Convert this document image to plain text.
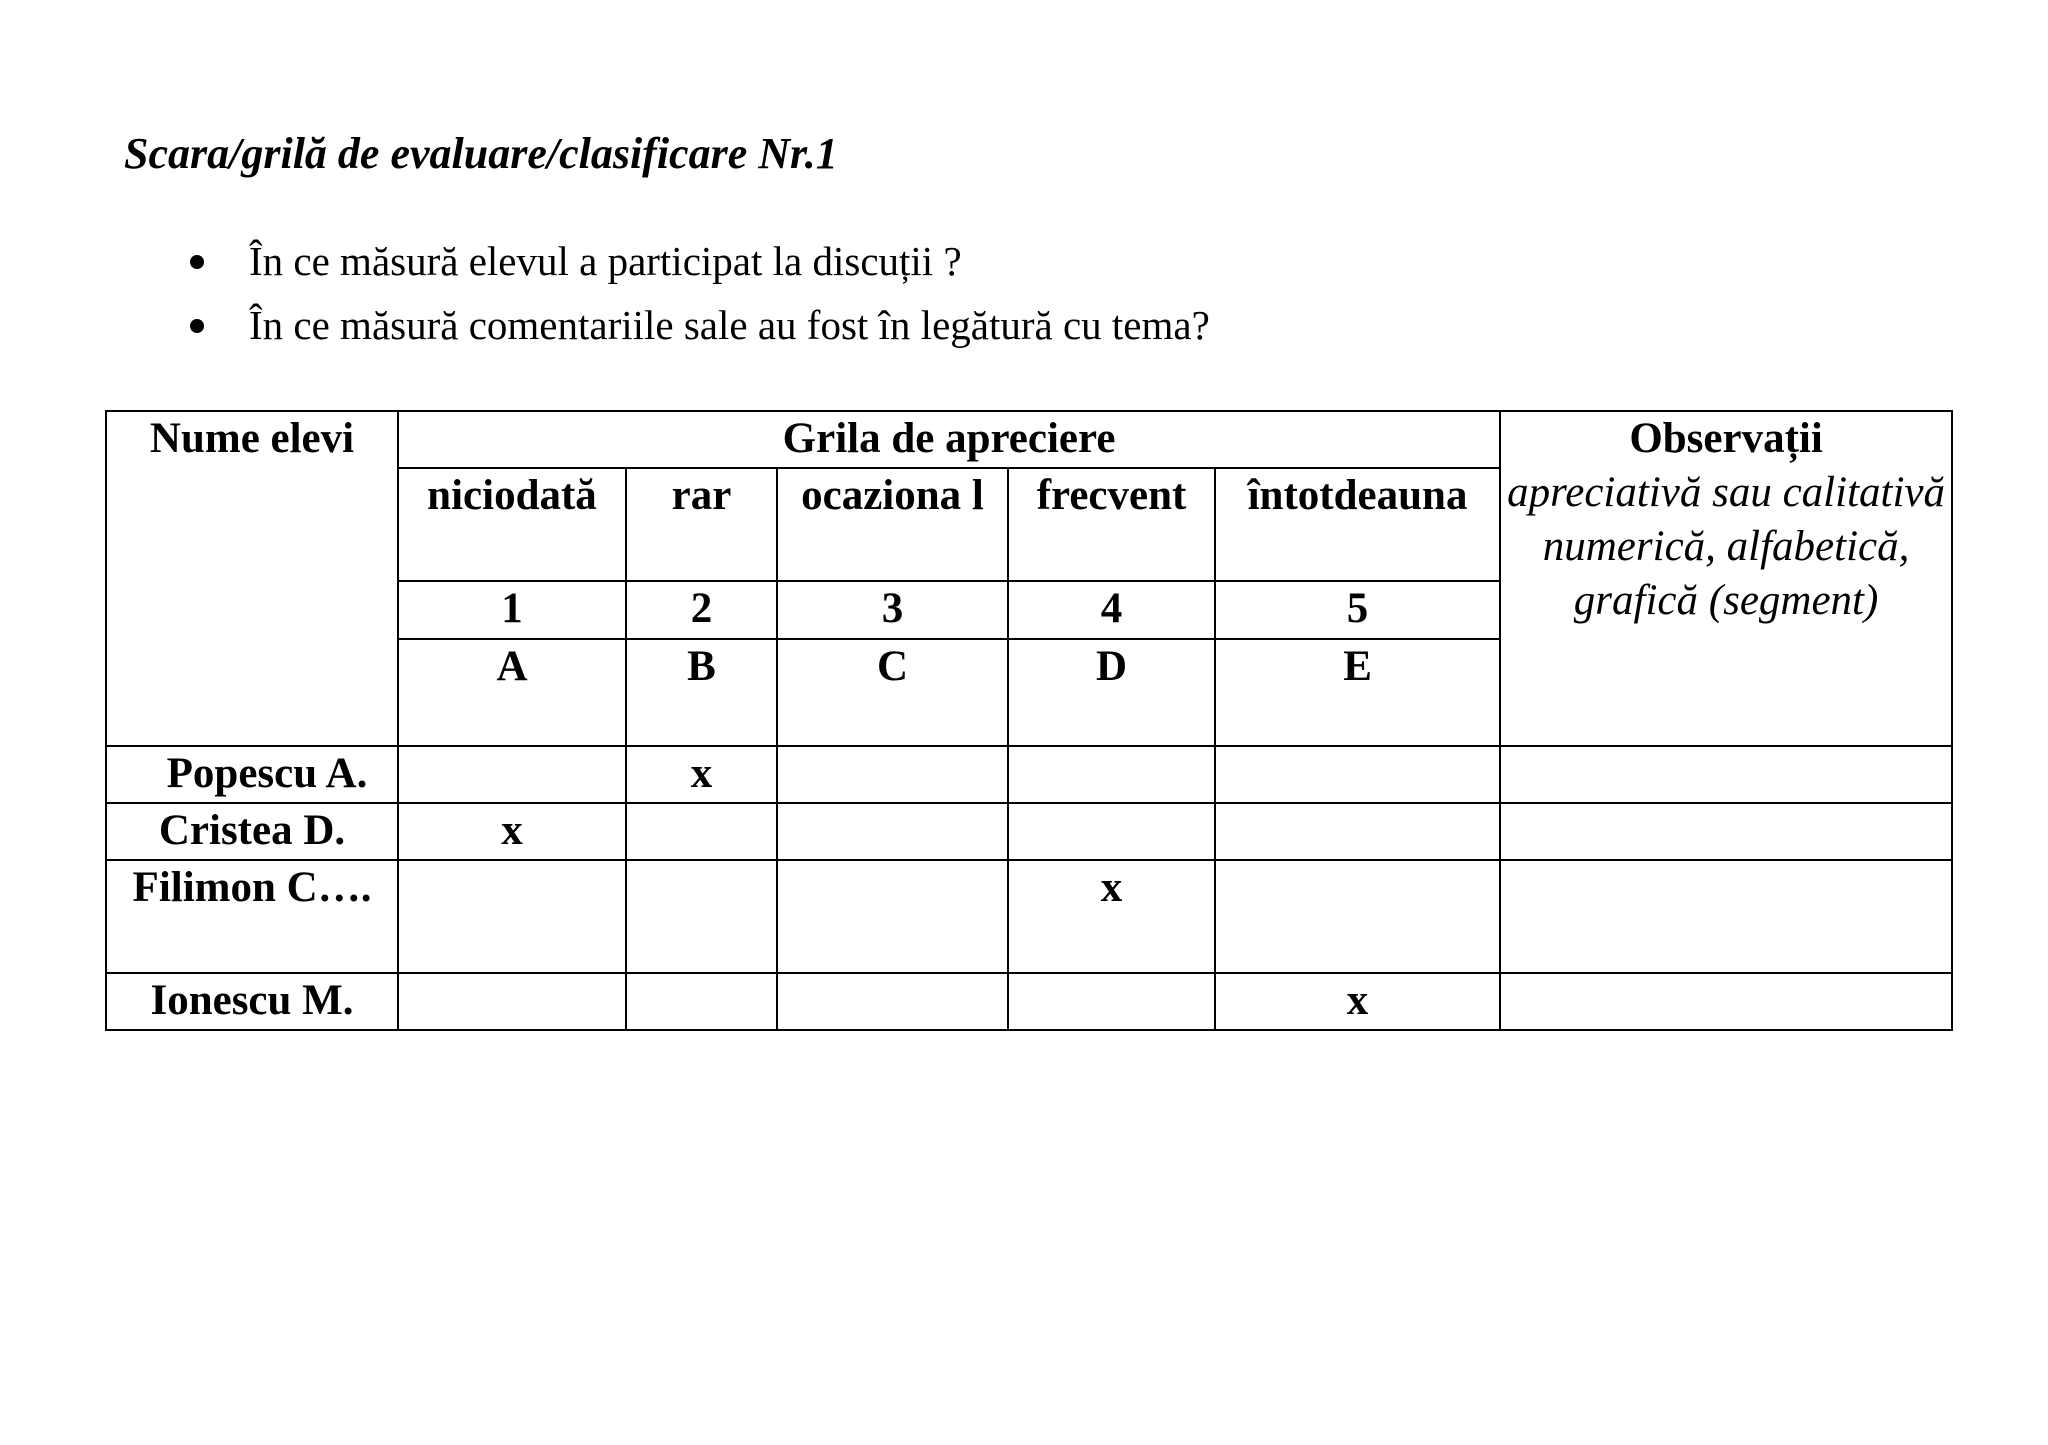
Scara/grilă de evaluare/clasificare Nr.1
În ce măsură elevul a participat la discuții ?
În ce măsură comentariile sale au fost în legătură cu tema?
Nume elevi	Grila de apreciere					Observații
apreciativă sau calitativă numerică, alfabetică, grafică (segment)

	niciodată	rar	ocaziona l	frecvent	întotdeauna	

	1	2	3	4	5	
	A	B	C	D	E	
Popescu A.		x				
Cristea D.	x					
Filimon C….				x		
Ionescu M.					x	
